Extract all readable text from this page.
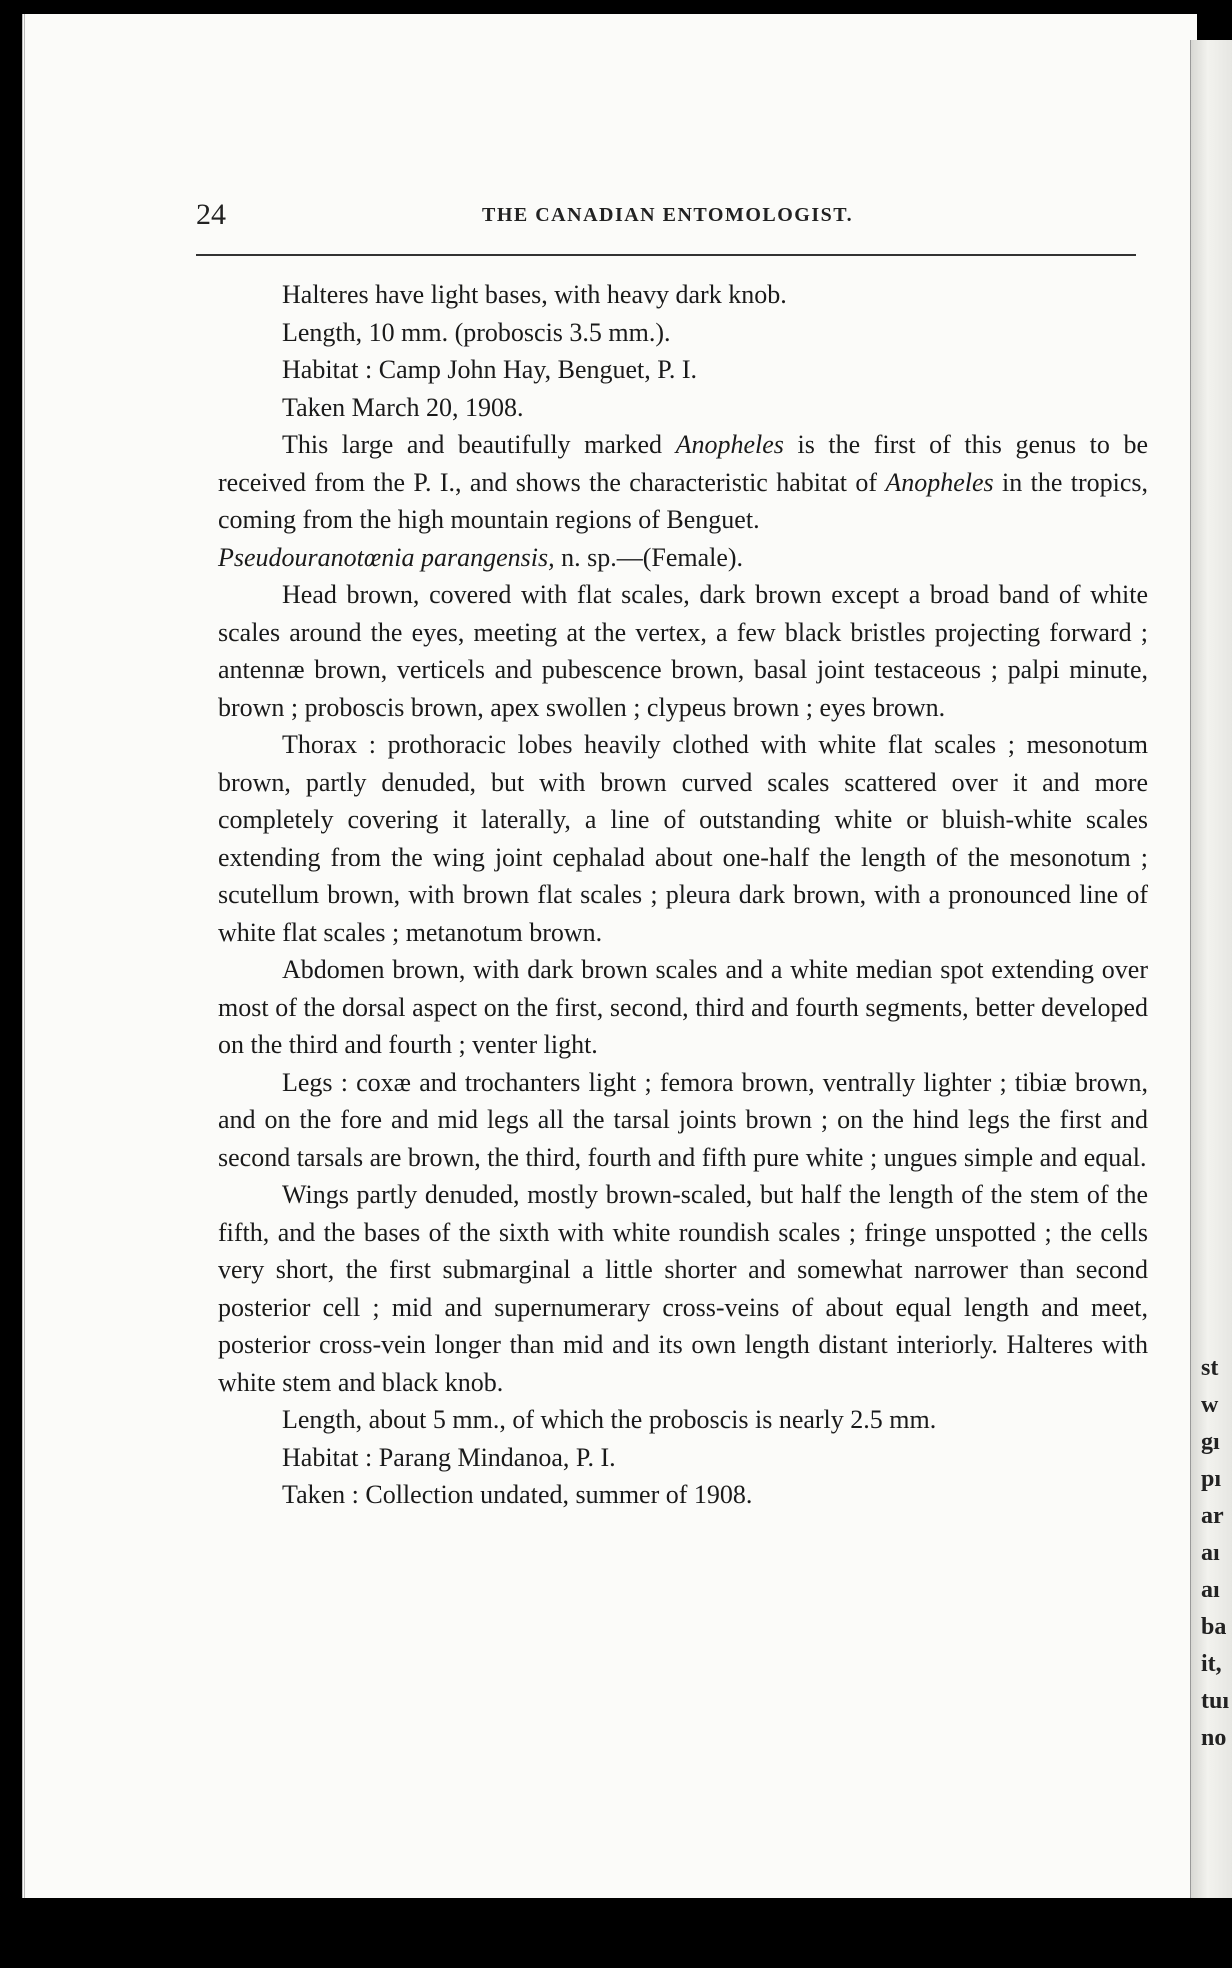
st
w
gı
pı
ar
aı
aı
ba
it,
tuı
no
24	THE CANADIAN ENTOMOLOGIST.

Halteres have light bases, with heavy dark knob.

Length, 10 mm. (proboscis 3.5 mm.).

Habitat : Camp John Hay, Benguet, P. I.

Taken March 20, 1908.

This large and beautifully marked Anopheles is the first of this genus to be received from the P. I., and shows the characteristic habitat of Anopheles in the tropics, coming from the high mountain regions of Benguet.

Pseudouranotœnia parangensis, n. sp.—(Female).

Head brown, covered with flat scales, dark brown except a broad band of white scales around the eyes, meeting at the vertex, a few black bristles projecting forward ; antennæ brown, verticels and pubescence brown, basal joint testaceous ; palpi minute, brown ; proboscis brown, apex swollen ; clypeus brown ; eyes brown.

Thorax : prothoracic lobes heavily clothed with white flat scales ; mesonotum brown, partly denuded, but with brown curved scales scattered over it and more completely covering it laterally, a line of outstanding white or bluish-white scales extending from the wing joint cephalad about one-half the length of the mesonotum ; scutellum brown, with brown flat scales ; pleura dark brown, with a pronounced line of white flat scales ; metanotum brown.

Abdomen brown, with dark brown scales and a white median spot extending over most of the dorsal aspect on the first, second, third and fourth segments, better developed on the third and fourth ; venter light.

Legs : coxæ and trochanters light ; femora brown, ventrally lighter ; tibiæ brown, and on the fore and mid legs all the tarsal joints brown ; on the hind legs the first and second tarsals are brown, the third, fourth and fifth pure white ; ungues simple and equal.

Wings partly denuded, mostly brown-scaled, but half the length of the stem of the fifth, and the bases of the sixth with white roundish scales ; fringe unspotted ; the cells very short, the first submarginal a little shorter and somewhat narrower than second posterior cell ; mid and supernumerary cross-veins of about equal length and meet, posterior cross-vein longer than mid and its own length distant interiorly. Halteres with white stem and black knob.

Length, about 5 mm., of which the proboscis is nearly 2.5 mm.

Habitat : Parang Mindanoa, P. I.

Taken : Collection undated, summer of 1908.
